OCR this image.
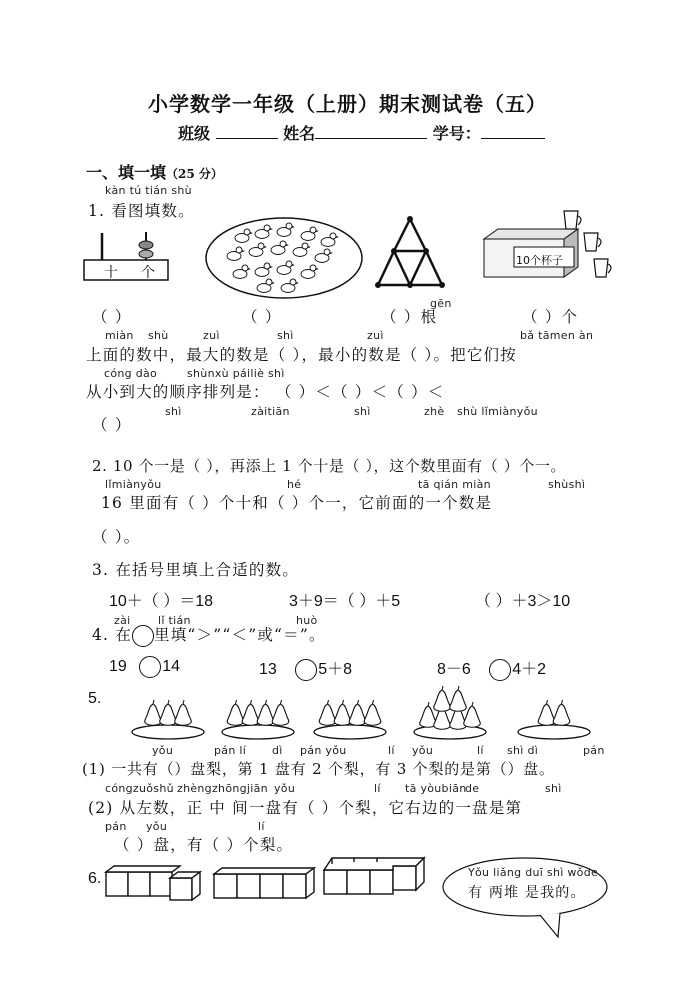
小学数学一年级（上册）期末测试卷（五）
班级	姓名	学号：
一、填一填（25 分）
kàn tú tián shù
1. 看图填数。
十 个
10个杯子
gēn
（ ）	（ ）	（ ）根	（ ）个
miàn shù	zuì	shì	zuì	bǎ tāmen àn
上面的数中，最大的数是（ ），最小的数是（ ）。把它们按
cóng dào	shùnxù páiliè shì
从小到大的顺序排列是： （ ）＜（ ）＜（ ）＜
（ ）
shì	zàitiān	shì	zhè shù lǐmiànyǒu
2. 10 个一是（ ），再添上 1 个十是（ ），这个数里面有（ ）个一。
lǐmiànyǒu	hé	tā qián miàn	shùshì
16 里面有（ ）个十和（ ）个一，它前面的一个数是
（ ）。
3. 在括号里填上合适的数。
10＋（ ）＝18	3＋9＝（ ）＋5	（ ）＋3＞10
zài	lǐ tián	huò
4. 在 里填“＞”“＜”或“＝”。
19 14	13	5＋8	8－6	4＋2
5.
yǒu	pán lí dì pán yǒu	lí yǒu	lí shì dì	pán
(1) 一共有（）盘梨，第 1 盘有 2 个梨，有 3 个梨的是第（）盘。
cóngzuǒshǔ zhèngzhōngjiān yǒu	lí tā yòubiān
de	shì
(2) 从左数，正 中 间一盘有（ ）个梨，它右边的一盘是第
pán yǒu	lí
（ ）盘，有（ ）个梨。
6.	Yǒu liǎng duī shì wǒde
有 两堆 是我的。
